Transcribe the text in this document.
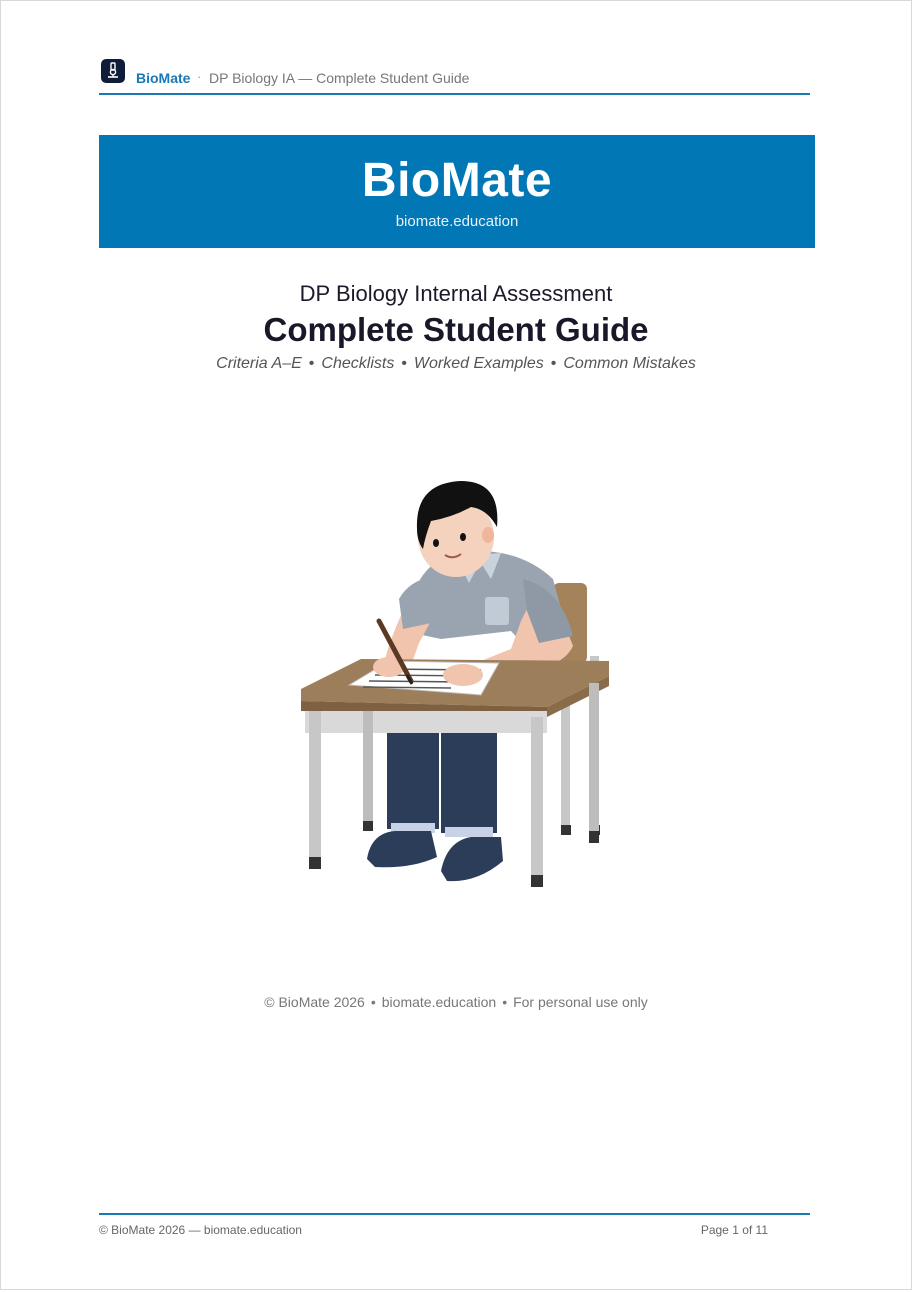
BioMate · DP Biology IA — Complete Student Guide
BioMate
biomate.education
DP Biology Internal Assessment
Complete Student Guide
Criteria A–E • Checklists • Worked Examples • Common Mistakes
© BioMate 2026 • biomate.education • For personal use only
© BioMate 2026 — biomate.education	Page 1 of 11
